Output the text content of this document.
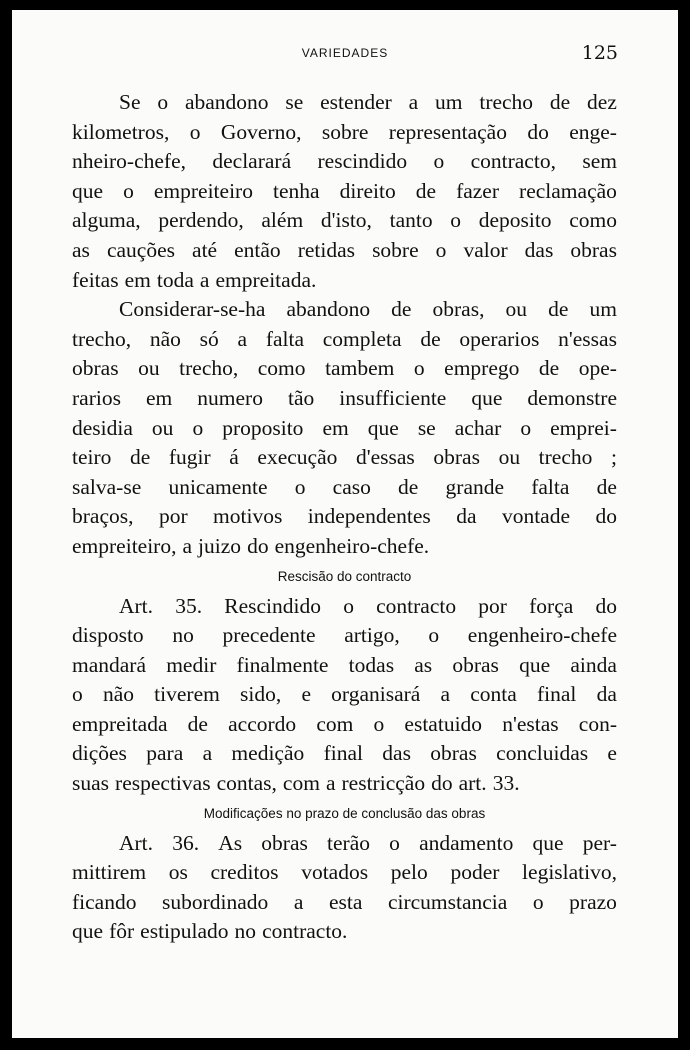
VARIEDADES	125
Se o abandono se estender a um trecho de dez
kilometros, o Governo, sobre representação do enge-
nheiro-chefe, declarará rescindido o contracto, sem
que o empreiteiro tenha direito de fazer reclamação
alguma, perdendo, além d'isto, tanto o deposito como
as cauções até então retidas sobre o valor das obras
feitas em toda a empreitada.
Considerar-se-ha abandono de obras, ou de um
trecho, não só a falta completa de operarios n'essas
obras ou trecho, como tambem o emprego de ope-
rarios em numero tão insufficiente que demonstre
desidia ou o proposito em que se achar o emprei-
teiro de fugir á execução d'essas obras ou trecho ;
salva-se unicamente o caso de grande falta de
braços, por motivos independentes da vontade do
empreiteiro, a juizo do engenheiro-chefe.
Rescisão do contracto
Art. 35. Rescindido o contracto por força do
disposto no precedente artigo, o engenheiro-chefe
mandará medir finalmente todas as obras que ainda
o não tiverem sido, e organisará a conta final da
empreitada de accordo com o estatuido n'estas con-
dições para a medição final das obras concluidas e
suas respectivas contas, com a restricção do art. 33.
Modificações no prazo de conclusão das obras
Art. 36. As obras terão o andamento que per-
mittirem os creditos votados pelo poder legislativo,
ficando subordinado a esta circumstancia o prazo
que fôr estipulado no contracto.
